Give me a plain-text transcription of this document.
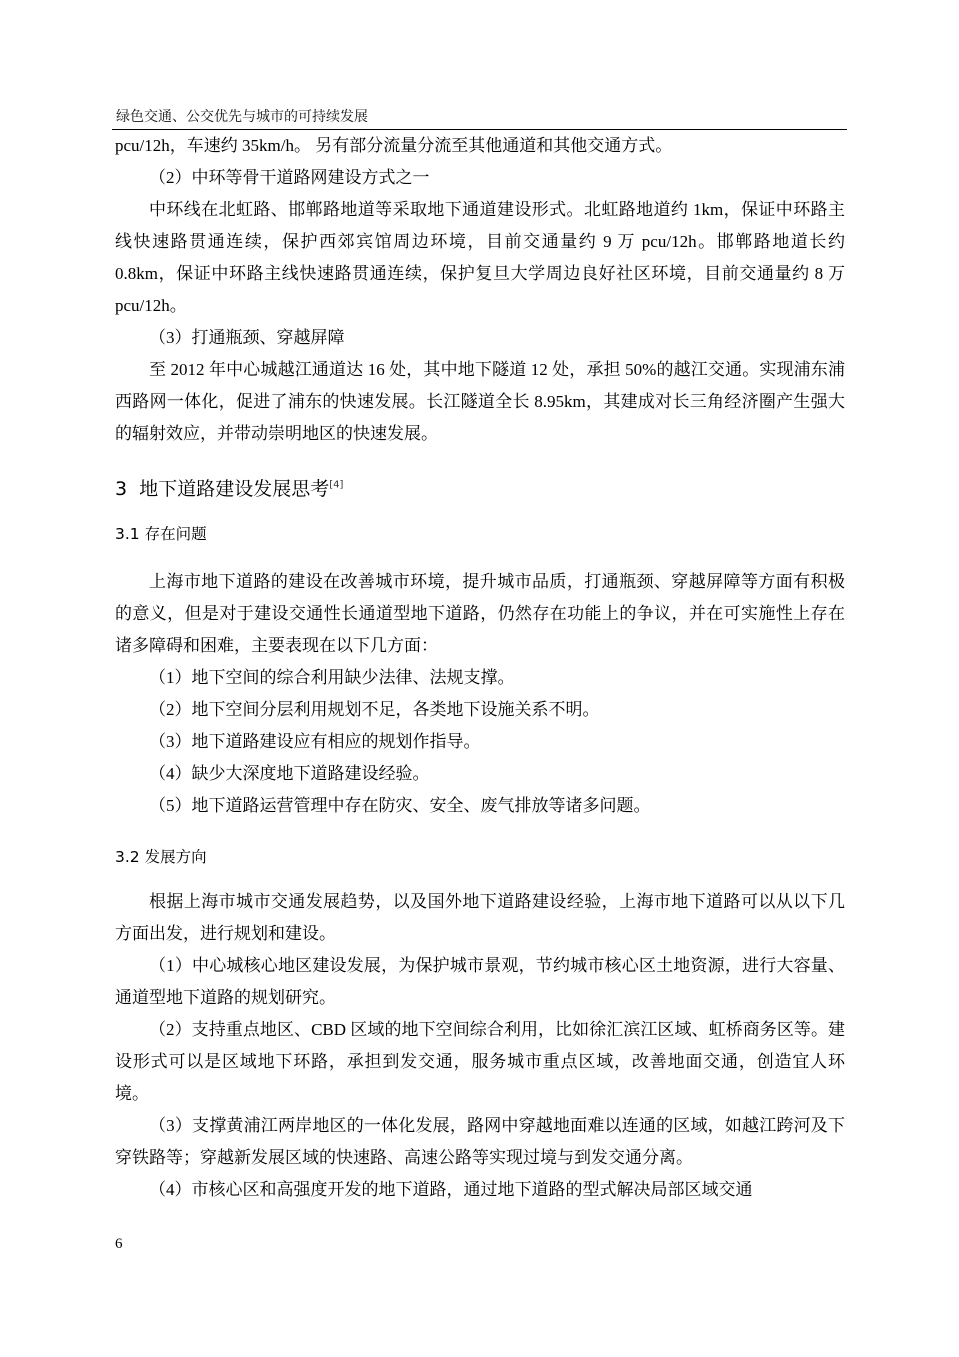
绿色交通、公交优先与城市的可持续发展

pcu/12h，车速约 35km/h。 另有部分流量分流至其他通道和其他交通方式。

（2）中环等骨干道路网建设方式之一

中环线在北虹路、邯郸路地道等采取地下通道建设形式。北虹路地道约 1km，保证中环路主线快速路贯通连续，保护西郊宾馆周边环境，目前交通量约 9 万 pcu/12h。邯郸路地道长约 0.8km，保证中环路主线快速路贯通连续，保护复旦大学周边良好社区环境，目前交通量约 8 万 pcu/12h。

（3）打通瓶颈、穿越屏障

至 2012 年中心城越江通道达 16 处，其中地下隧道 12 处，承担 50%的越江交通。实现浦东浦西路网一体化，促进了浦东的快速发展。长江隧道全长 8.95km，其建成对长三角经济圈产生强大的辐射效应，并带动崇明地区的快速发展。

3 地下道路建设发展思考[4]
3.1 存在问题

上海市地下道路的建设在改善城市环境，提升城市品质，打通瓶颈、穿越屏障等方面有积极的意义，但是对于建设交通性长通道型地下道路，仍然存在功能上的争议，并在可实施性上存在诸多障碍和困难，主要表现在以下几方面：

（1）地下空间的综合利用缺少法律、法规支撑。

（2）地下空间分层利用规划不足，各类地下设施关系不明。

（3）地下道路建设应有相应的规划作指导。

（4）缺少大深度地下道路建设经验。

（5）地下道路运营管理中存在防灾、安全、废气排放等诸多问题。

3.2 发展方向

根据上海市城市交通发展趋势，以及国外地下道路建设经验，上海市地下道路可以从以下几方面出发，进行规划和建设。

（1）中心城核心地区建设发展，为保护城市景观，节约城市核心区土地资源，进行大容量、通道型地下道路的规划研究。

（2）支持重点地区、CBD 区域的地下空间综合利用，比如徐汇滨江区域、虹桥商务区等。建设形式可以是区域地下环路，承担到发交通，服务城市重点区域，改善地面交通，创造宜人环境。

（3）支撑黄浦江两岸地区的一体化发展，路网中穿越地面难以连通的区域，如越江跨河及下穿铁路等；穿越新发展区域的快速路、高速公路等实现过境与到发交通分离。

（4）市核心区和高强度开发的地下道路，通过地下道路的型式解决局部区域交通

6
